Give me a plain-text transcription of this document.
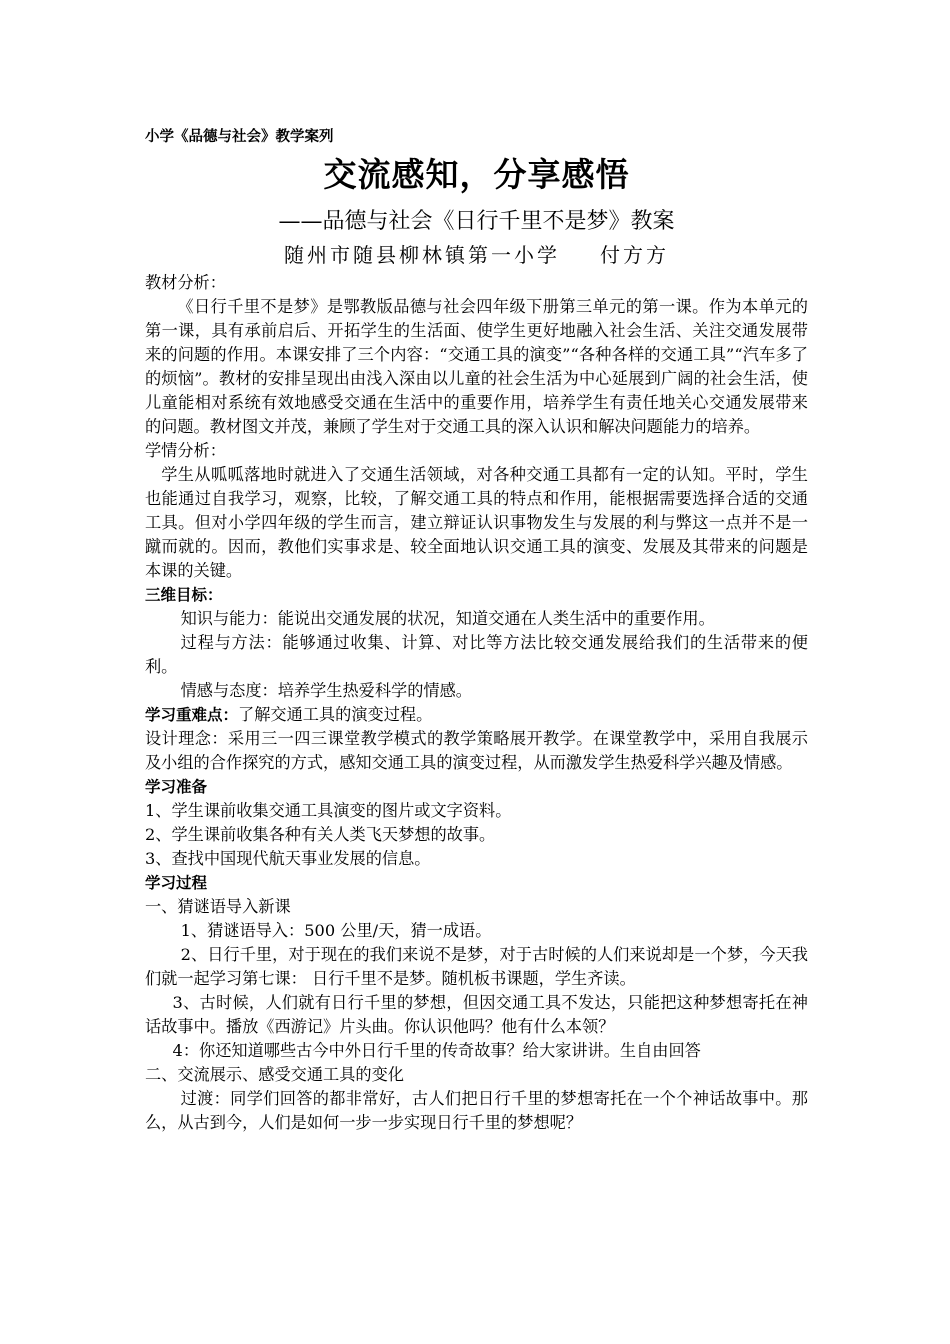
小学《品德与社会》教学案列
交流感知，分享感悟
——品德与社会《日行千里不是梦》教案
随州市随县柳林镇第一小学 付方方

教材分析：

《日行千里不是梦》是鄂教版品德与社会四年级下册第三单元的第一课。作为本单元的第一课，具有承前启后、开拓学生的生活面、使学生更好地融入社会生活、关注交通发展带来的问题的作用。本课安排了三个内容：“交通工具的演变”“各种各样的交通工具”“汽车多了的烦恼”。教材的安排呈现出由浅入深由以儿童的社会生活为中心延展到广阔的社会生活，使儿童能相对系统有效地感受交通在生活中的重要作用，培养学生有责任地关心交通发展带来的问题。教材图文并茂，兼顾了学生对于交通工具的深入认识和解决问题能力的培养。

学情分析：

学生从呱呱落地时就进入了交通生活领域，对各种交通工具都有一定的认知。平时，学生也能通过自我学习，观察，比较，了解交通工具的特点和作用，能根据需要选择合适的交通工具。但对小学四年级的学生而言，建立辩证认识事物发生与发展的利与弊这一点并不是一蹴而就的。因而，教他们实事求是、较全面地认识交通工具的演变、发展及其带来的问题是本课的关键。

三维目标：

知识与能力：能说出交通发展的状况，知道交通在人类生活中的重要作用。

过程与方法：能够通过收集、计算、对比等方法比较交通发展给我们的生活带来的便利。

情感与态度：培养学生热爱科学的情感。

学习重难点：了解交通工具的演变过程。

设计理念：采用三一四三课堂教学模式的教学策略展开教学。在课堂教学中，采用自我展示及小组的合作探究的方式，感知交通工具的演变过程，从而激发学生热爱科学兴趣及情感。

学习准备

1、学生课前收集交通工具演变的图片或文字资料。

2、学生课前收集各种有关人类飞天梦想的故事。

3、查找中国现代航天事业发展的信息。

学习过程

一、猜谜语导入新课

1、猜谜语导入：500 公里/天，猜一成语。

2、日行千里，对于现在的我们来说不是梦，对于古时候的人们来说却是一个梦，今天我们就一起学习第七课： 日行千里不是梦。随机板书课题，学生齐读。

3、古时候，人们就有日行千里的梦想，但因交通工具不发达，只能把这种梦想寄托在神话故事中。播放《西游记》片头曲。你认识他吗？他有什么本领？

4：你还知道哪些古今中外日行千里的传奇故事？给大家讲讲。生自由回答

二、交流展示、感受交通工具的变化

过渡：同学们回答的都非常好，古人们把日行千里的梦想寄托在一个个神话故事中。那么，从古到今，人们是如何一步一步实现日行千里的梦想呢？
